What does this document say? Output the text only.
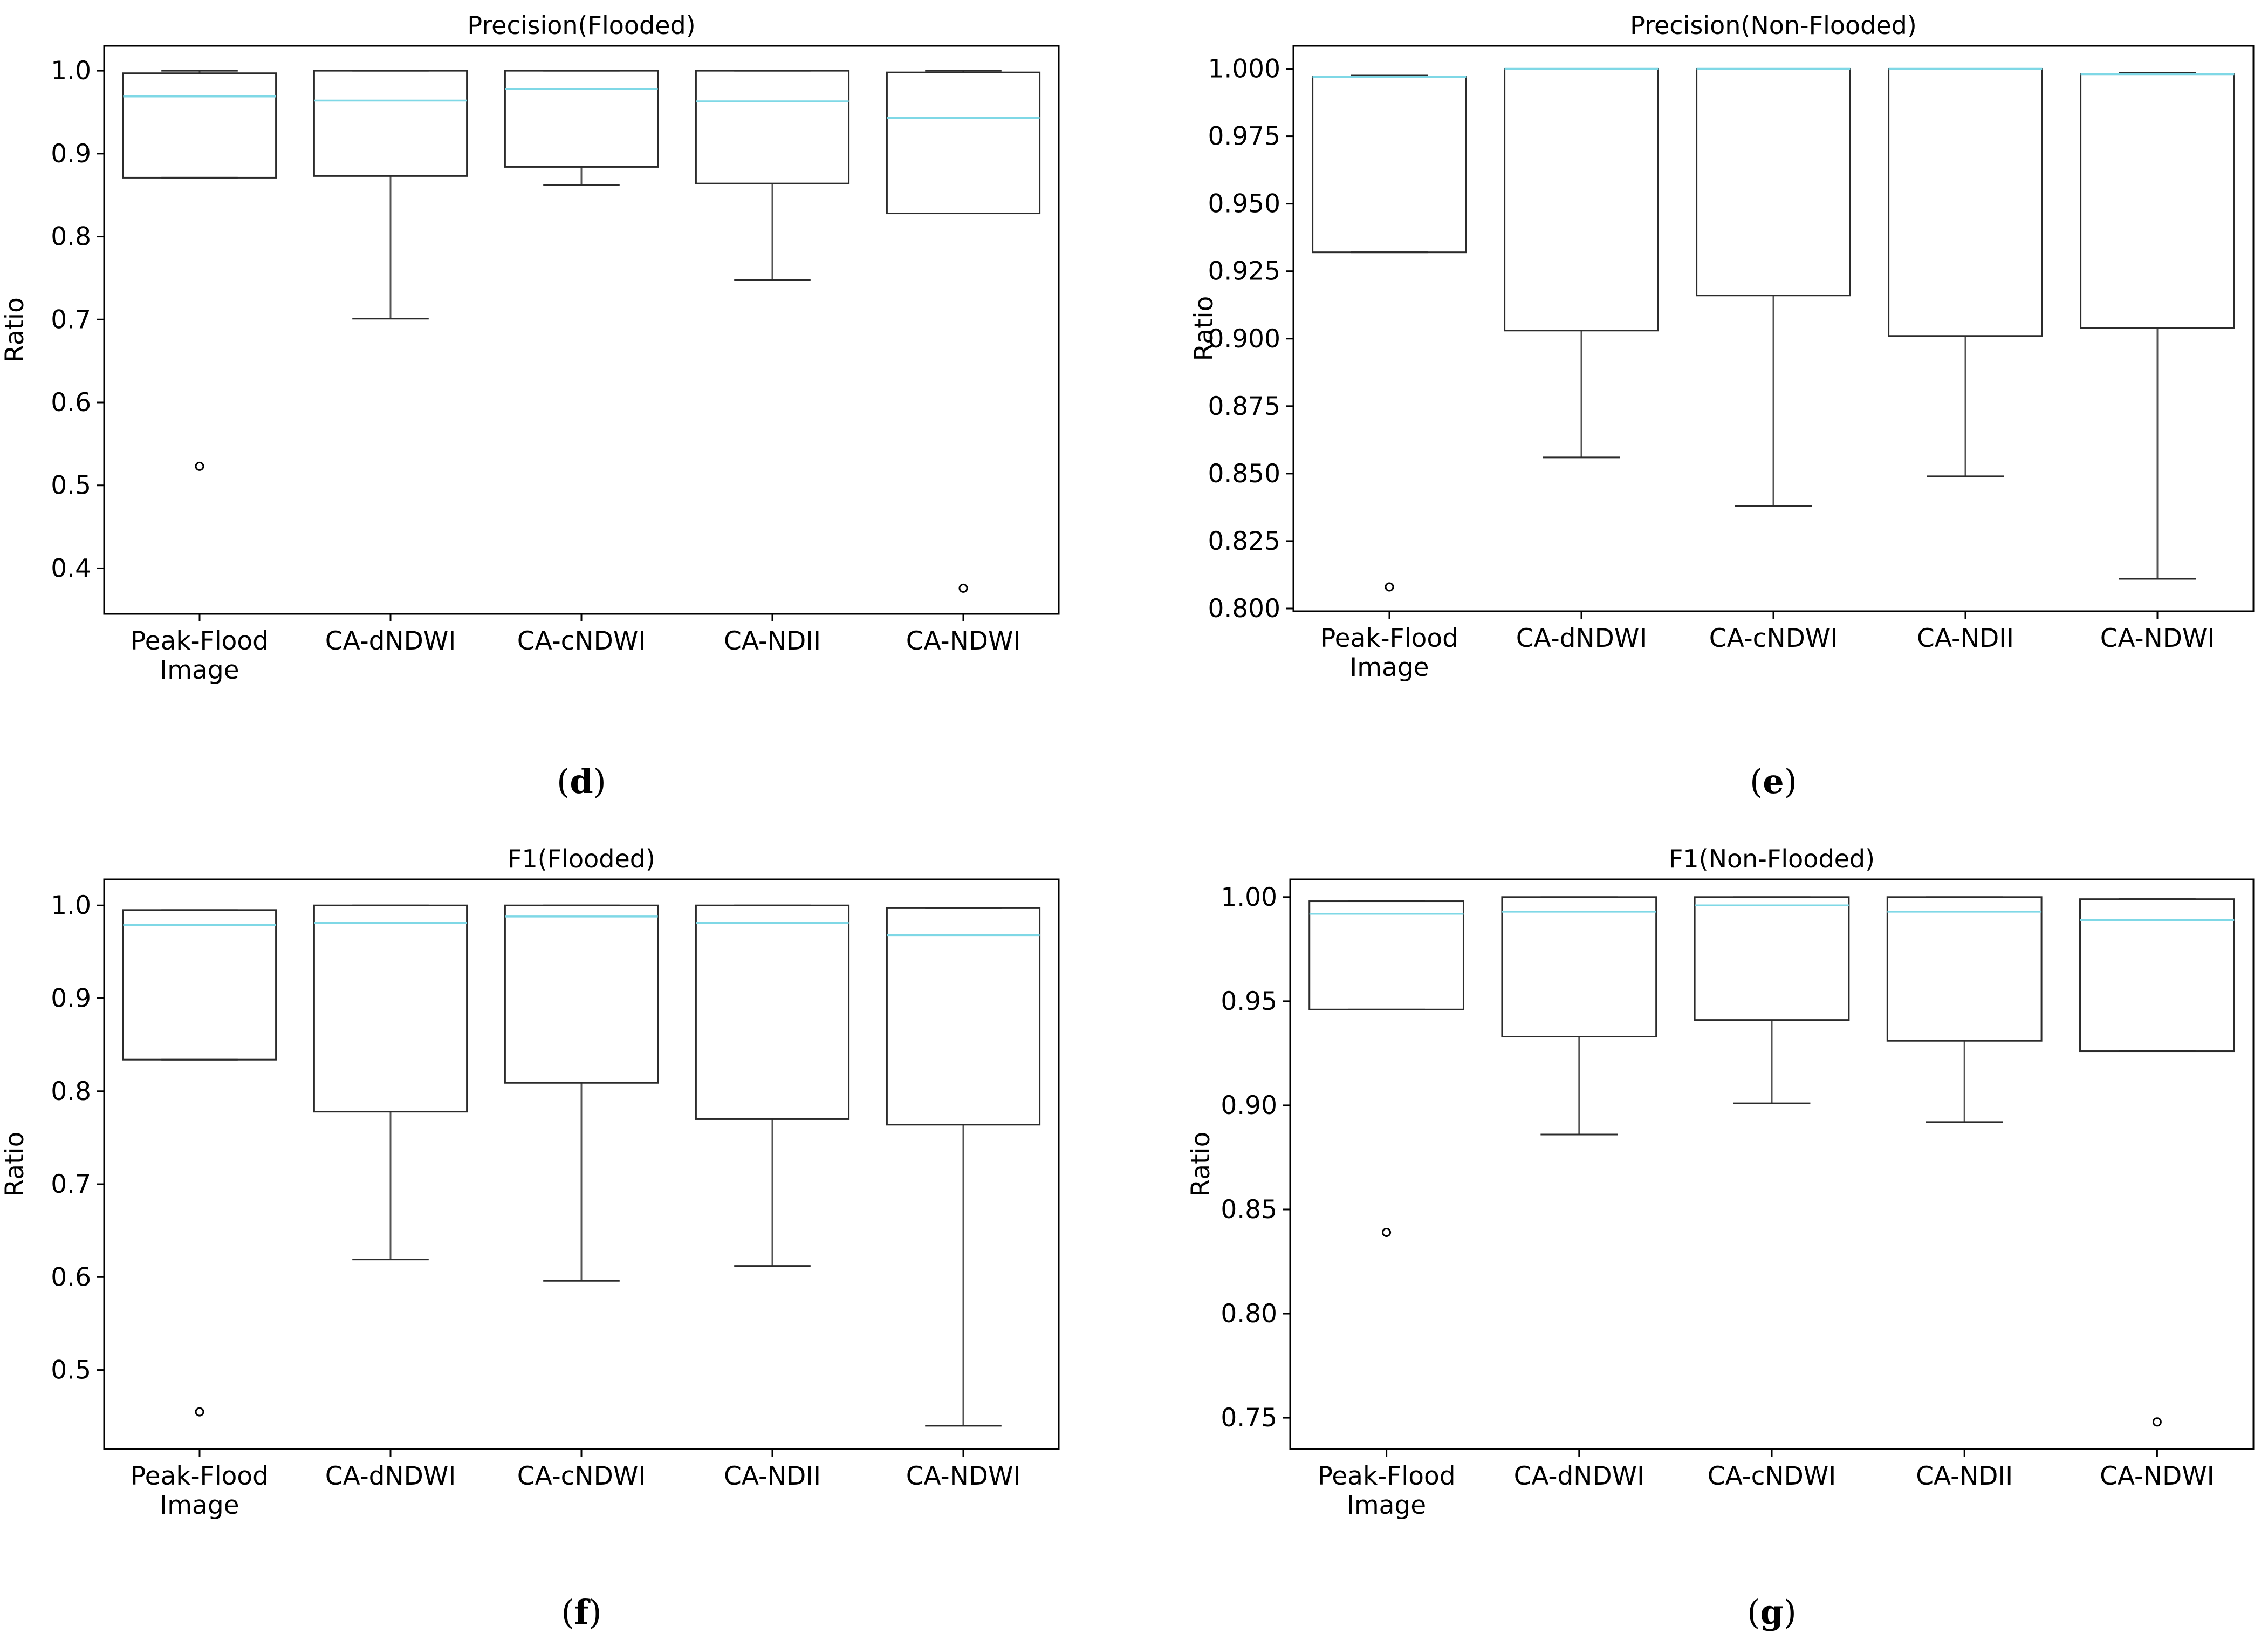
Precision(Flooded)
0.4
0.5
0.6
0.7
0.8
0.9
1.0
Ratio
Peak-Flood
Image
CA-dNDWI CA-cNDWI	CA-NDII	CA-NDWI
(d)
Precision(Non-Flooded)
0.800
0.825
0.850
0.875
0.900
0.925
0.950
0.975
1.000
Ratio
Peak-Flood
Image
CA-dNDWI CA-cNDWI	CA-NDII	CA-NDWI
(e)
F1(Flooded)
0.5
0.6
0.7
0.8
0.9
1.0
Ratio
Peak-Flood
Image
CA-dNDWI CA-cNDWI	CA-NDII	CA-NDWI
(f)
F1(Non-Flooded)
0.75
0.80
0.85
0.90
0.95
1.00
Ratio
Peak-Flood
Image
CA-dNDWI CA-cNDWI	CA-NDII	CA-NDWI
(g)
